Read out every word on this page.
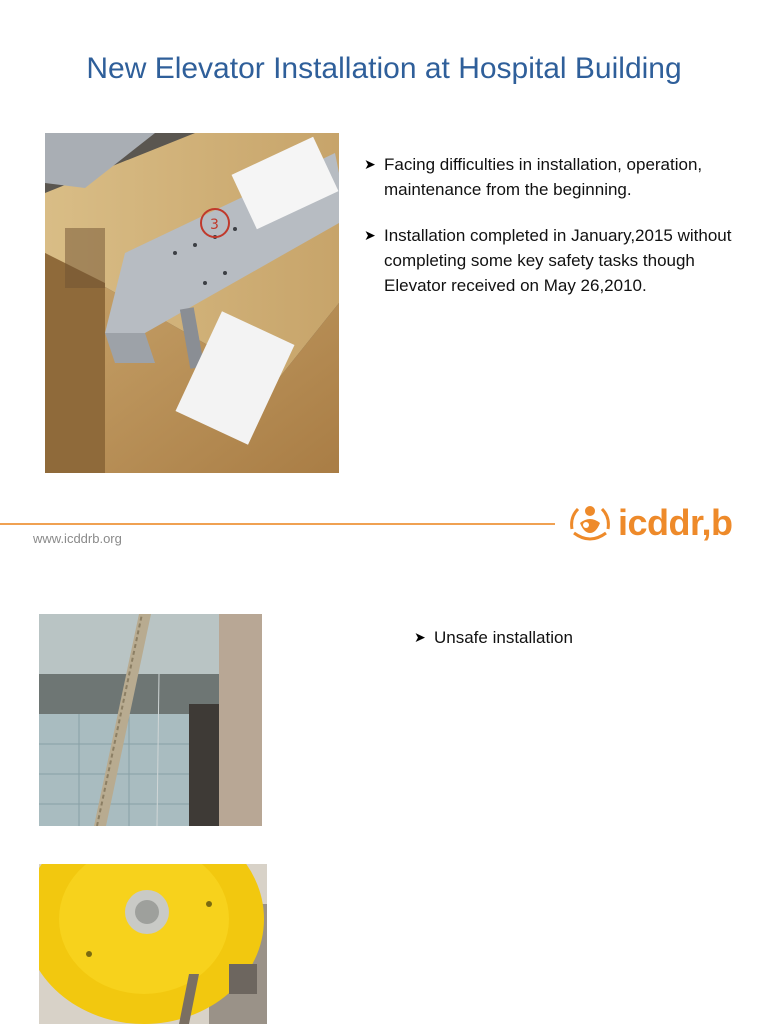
New Elevator Installation at Hospital Building
3
➤ Facing difficulties in installation, operation, maintenance from the beginning.
➤ Installation completed in January,2015 without completing some key safety tasks though Elevator received on May 26,2010.
www.icddrb.org	icddr,b
➤ Unsafe installation
